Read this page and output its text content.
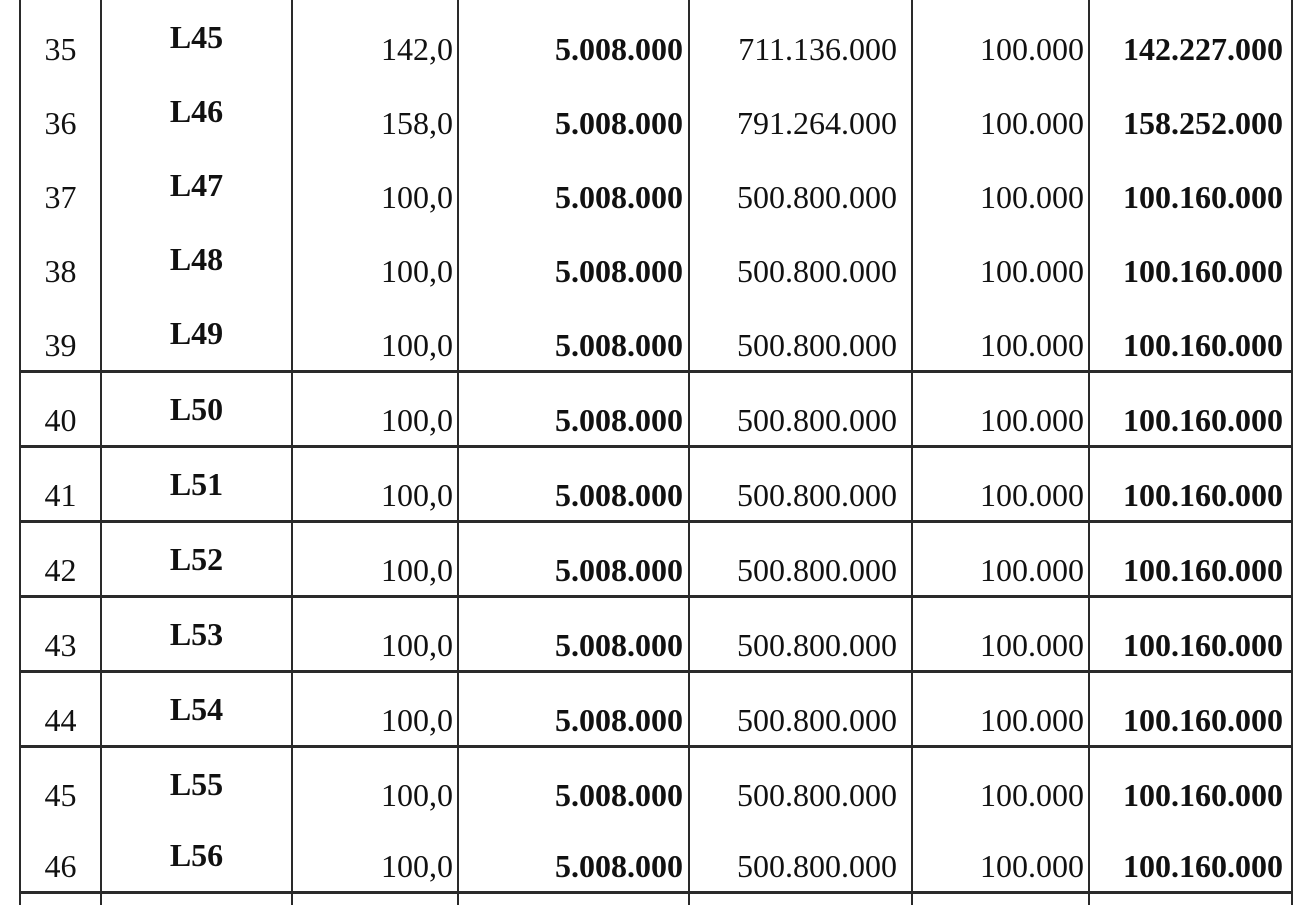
35	L45	142,0	5.008.000	711.136.000	100.000	142.227.000
36	L46	158,0	5.008.000	791.264.000	100.000	158.252.000
37	L47	100,0	5.008.000	500.800.000	100.000	100.160.000
38	L48	100,0	5.008.000	500.800.000	100.000	100.160.000
39	L49	100,0	5.008.000	500.800.000	100.000	100.160.000
40	L50	100,0	5.008.000	500.800.000	100.000	100.160.000
41	L51	100,0	5.008.000	500.800.000	100.000	100.160.000
42	L52	100,0	5.008.000	500.800.000	100.000	100.160.000
43	L53	100,0	5.008.000	500.800.000	100.000	100.160.000
44	L54	100,0	5.008.000	500.800.000	100.000	100.160.000
45	L55	100,0	5.008.000	500.800.000	100.000	100.160.000
46	L56	100,0	5.008.000	500.800.000	100.000	100.160.000
